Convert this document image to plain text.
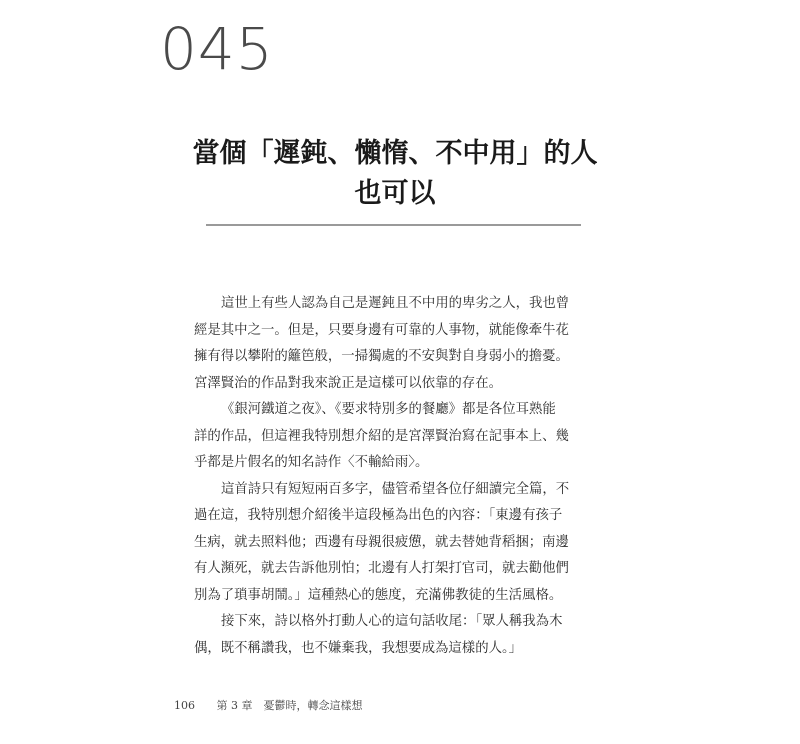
045
當個「遲鈍、懶惰、不中用」的人
也可以
這世上有些人認為自己是遲鈍且不中用的卑劣之人，我也曾
經是其中之一。但是，只要身邊有可靠的人事物，就能像牽牛花
擁有得以攀附的籬笆般，一掃獨處的不安與對自身弱小的擔憂。
宮澤賢治的作品對我來說正是這樣可以依靠的存在。
《銀河鐵道之夜》、《要求特別多的餐廳》都是各位耳熟能
詳的作品，但這裡我特別想介紹的是宮澤賢治寫在記事本上、幾
乎都是片假名的知名詩作〈不輸給雨〉。
這首詩只有短短兩百多字，儘管希望各位仔細讀完全篇，不
過在這，我特別想介紹後半這段極為出色的內容：「東邊有孩子
生病，就去照料他；西邊有母親很疲憊，就去替她背稻捆；南邊
有人瀕死，就去告訴他別怕；北邊有人打架打官司，就去勸他們
別為了瑣事胡鬧。」這種熱心的態度，充滿佛教徒的生活風格。
接下來，詩以格外打動人心的這句話收尾：「眾人稱我為木
偶，既不稱讚我，也不嫌棄我，我想要成為這樣的人。」
106 第 3 章　憂鬱時，轉念這樣想
